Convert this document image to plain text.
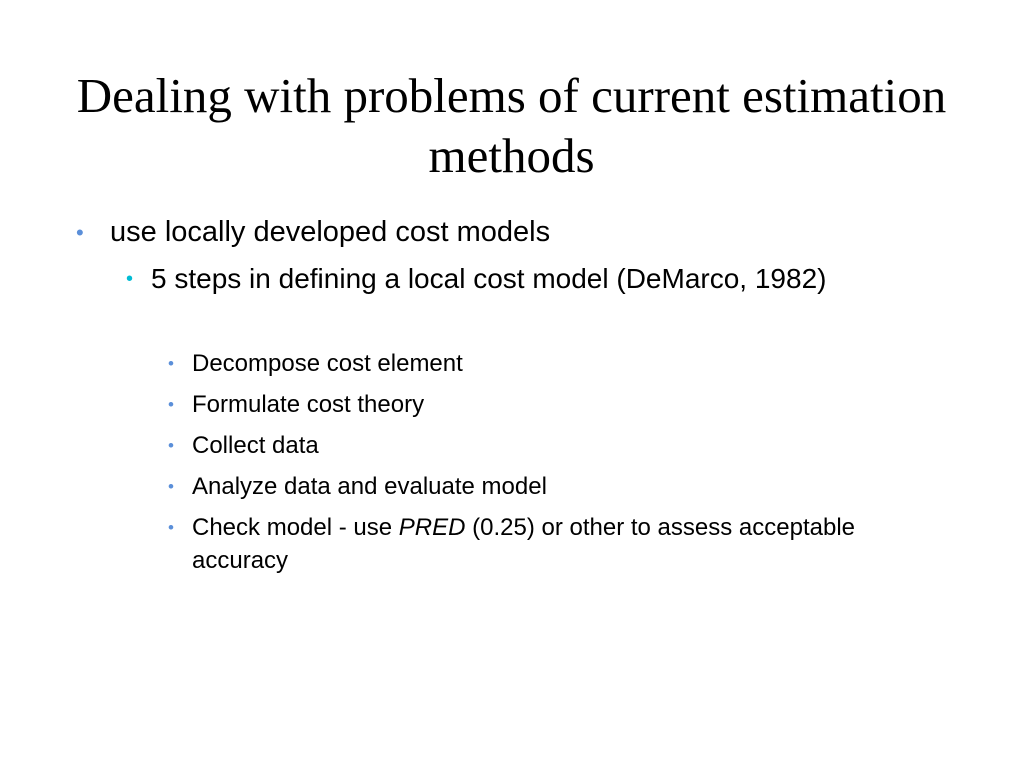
Dealing with problems of current estimation methods
• use locally developed cost models
• 5 steps in defining a local cost model (DeMarco, 1982)
• Decompose cost element
• Formulate cost theory
• Collect data
• Analyze data and evaluate model
• Check model - use PRED (0.25) or other to assess acceptable accuracy
